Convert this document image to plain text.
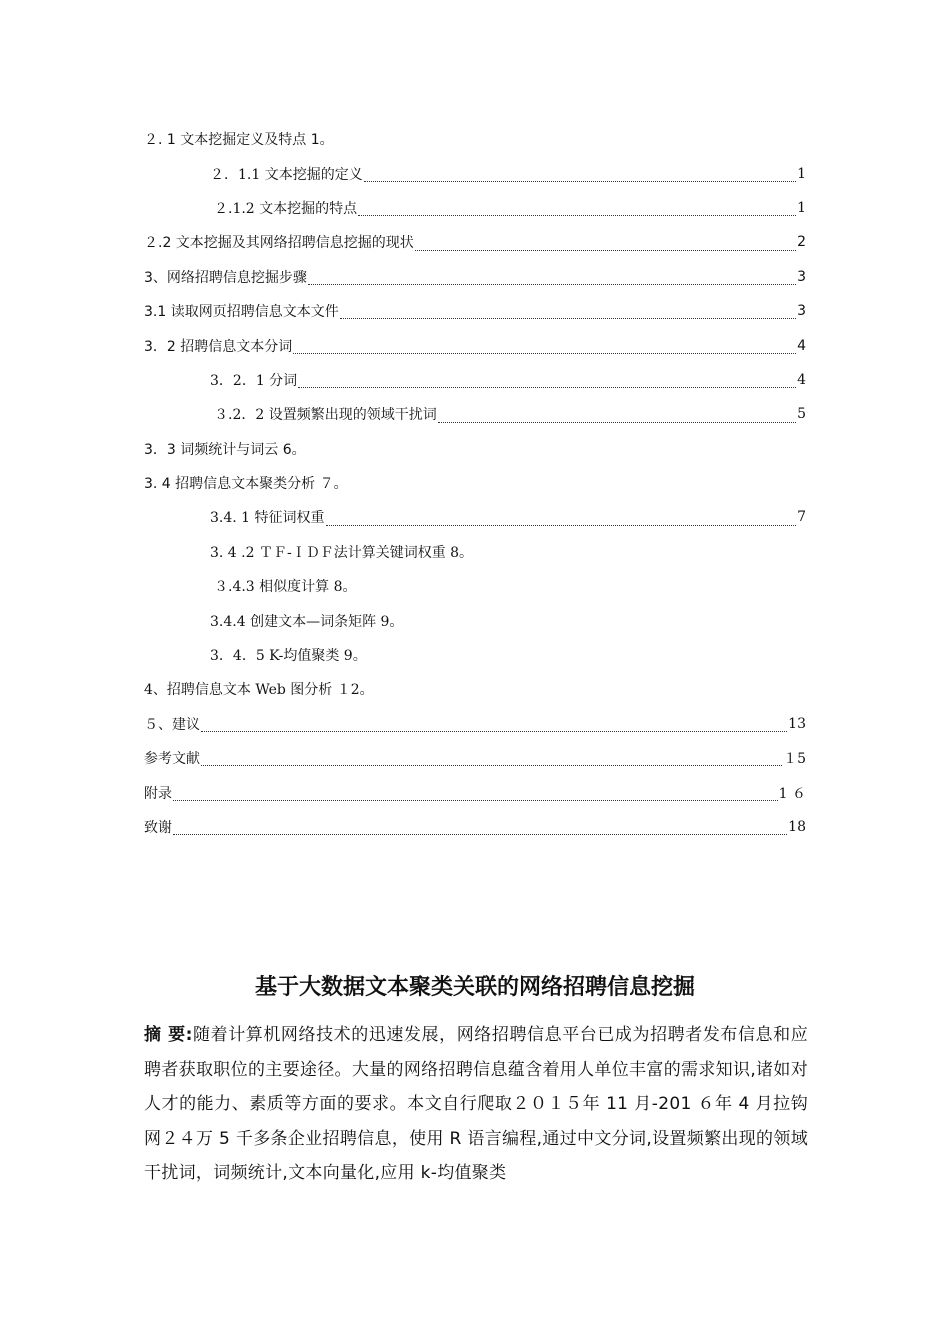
２. 1 文本挖掘定义及特点 1。
２．1.1 文本挖掘的定义	1
２.1.2 文本挖掘的特点	1
２.2 文本挖掘及其网络招聘信息挖掘的现状	2
3、网络招聘信息挖掘步骤	3
3.1 读取网页招聘信息文本文件	3
3．2 招聘信息文本分词	4
3．2．1 分词	4
３.2．2 设置频繁出现的领域干扰词	5
3．3 词频统计与词云 6。
3. 4 招聘信息文本聚类分析 ７。
3.4. 1 特征词权重	7
3. 4 .2 ＴＦ-ＩＤＦ法计算关键词权重 8。
３.4.3 相似度计算 8。
3.4.4 创建文本—词条矩阵 9。
3．4．5 K-均值聚类 9。
4、招聘信息文本 Web 图分析 １2。
５、建议	13
参考文献	１5
附录	1 ６
致谢	18
基于大数据文本聚类关联的网络招聘信息挖掘
摘 要:随着计算机网络技术的迅速发展，网络招聘信息平台已成为招聘者发布信息和应聘者获取职位的主要途径。大量的网络招聘信息蕴含着用人单位丰富的需求知识,诸如对人才的能力、素质等方面的要求。本文自行爬取２０１５年 11 月-201 ６年 4 月拉钩网２４万 5 千多条企业招聘信息，使用 R 语言编程,通过中文分词,设置频繁出现的领域干扰词，词频统计,文本向量化,应用 k-均值聚类
